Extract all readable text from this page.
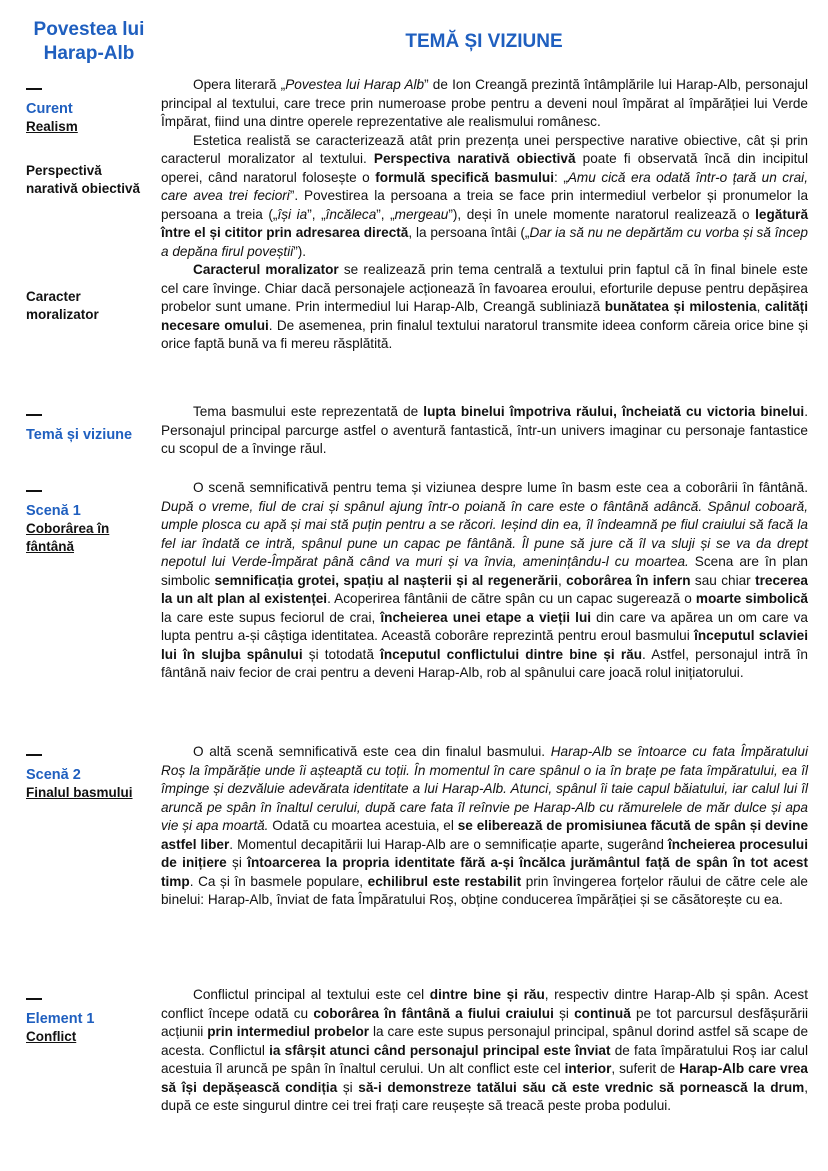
Povestea lui Harap-Alb
TEMĂ ȘI VIZIUNE
Curent
Realism
Perspectivă narativă obiectivă
Caracter moralizator
Temă și viziune
Scenă 1
Coborârea în fântână
Scenă 2
Finalul basmului
Element 1
Conflict

Opera literară „Povestea lui Harap Alb” de Ion Creangă prezintă întâmplările lui Harap-Alb, personajul principal al textului, care trece prin numeroase probe pentru a deveni noul împărat al împărăției lui Verde Împărat, fiind una dintre operele reprezentative ale realismului românesc.

Estetica realistă se caracterizează atât prin prezența unei perspective narative obiective, cât și prin caracterul moralizator al textului. Perspectiva narativă obiectivă poate fi observată încă din incipitul operei, când naratorul folosește o formulă specifică basmului: „Amu cică era odată într-o țară un crai, care avea trei feciori”. Povestirea la persoana a treia se face prin intermediul verbelor și pronumelor la persoana a treia („își ia”, „încăleca”, „mergeau”), deși în unele momente naratorul realizează o legătură între el și cititor prin adresarea directă, la persoana întâi („Dar ia să nu ne depărtăm cu vorba și să încep a depăna firul poveștii”).

Caracterul moralizator se realizează prin tema centrală a textului prin faptul că în final binele este cel care învinge. Chiar dacă personajele acționează în favoarea eroului, eforturile depuse pentru depășirea probelor sunt umane. Prin intermediul lui Harap-Alb, Creangă subliniază bunătatea și milostenia, calități necesare omului. De asemenea, prin finalul textului naratorul transmite ideea conform căreia orice bine și orice faptă bună va fi mereu răsplătită.

Tema basmului este reprezentată de lupta binelui împotriva răului, încheiată cu victoria binelui. Personajul principal parcurge astfel o aventură fantastică, într-un univers imaginar cu personaje fantastice cu scopul de a învinge răul.

O scenă semnificativă pentru tema și viziunea despre lume în basm este cea a coborârii în fântână. După o vreme, fiul de crai și spânul ajung într-o poiană în care este o fântână adâncă. Spânul coboară, umple plosca cu apă și mai stă puțin pentru a se răcori. Ieșind din ea, îl îndeamnă pe fiul craiului să facă la fel iar îndată ce intră, spânul pune un capac pe fântână. Îl pune să jure că îl va sluji și se va da drept nepotul lui Verde-Împărat până când va muri și va învia, amenințându-l cu moartea. Scena are în plan simbolic semnificația grotei, spațiu al nașterii și al regenerării, coborârea în infern sau chiar trecerea la un alt plan al existenței. Acoperirea fântânii de către spân cu un capac sugerează o moarte simbolică la care este supus feciorul de crai, încheierea unei etape a vieții lui din care va apărea un om care va lupta pentru a-și câștiga identitatea. Această coborâre reprezintă pentru eroul basmului începutul sclaviei lui în slujba spânului și totodată începutul conflictului dintre bine și rău. Astfel, personajul intră în fântână naiv fecior de crai pentru a deveni Harap-Alb, rob al spânului care joacă rolul inițiatorului.

O altă scenă semnificativă este cea din finalul basmului. Harap-Alb se întoarce cu fata Împăratului Roș la împărăție unde îi așteaptă cu toții. În momentul în care spânul o ia în brațe pe fata împăratului, ea îl împinge și dezvăluie adevărata identitate a lui Harap-Alb. Atunci, spânul îi taie capul băiatului, iar calul lui îl aruncă pe spân în înaltul cerului, după care fata îl reînvie pe Harap-Alb cu rămurelele de măr dulce și apa vie și apa moartă. Odată cu moartea acestuia, el se eliberează de promisiunea făcută de spân și devine astfel liber. Momentul decapitării lui Harap-Alb are o semnificație aparte, sugerând încheierea procesului de inițiere și întoarcerea la propria identitate fără a-și încălca jurământul față de spân în tot acest timp. Ca și în basmele populare, echilibrul este restabilit prin învingerea forțelor răului de către cele ale binelui: Harap-Alb, înviat de fata Împăratului Roș, obține conducerea împărăției și se căsătorește cu ea.

Conflictul principal al textului este cel dintre bine și rău, respectiv dintre Harap-Alb și spân. Acest conflict începe odată cu coborârea în fântână a fiului craiului și continuă pe tot parcursul desfășurării acțiunii prin intermediul probelor la care este supus personajul principal, spânul dorind astfel să scape de acesta. Conflictul ia sfârșit atunci când personajul principal este înviat de fata împăratului Roș iar calul acestuia îl aruncă pe spân în înaltul cerului. Un alt conflict este cel interior, suferit de Harap-Alb care vrea să își depășească condiția și să-i demonstreze tatălui său că este vrednic să pornească la drum, după ce este singurul dintre cei trei frați care reușește să treacă peste proba podului.
